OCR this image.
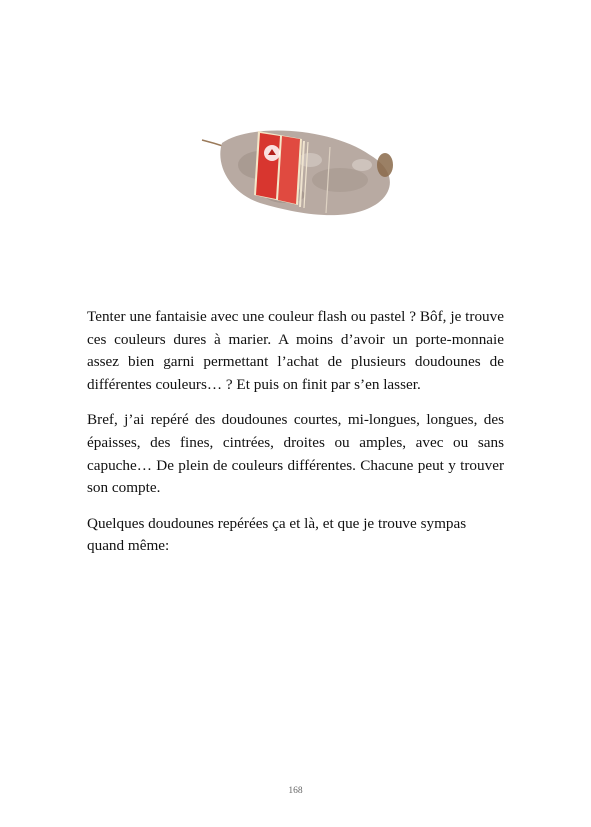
Tenter une fantaisie avec une couleur flash ou pastel ? Bôf, je trouve ces couleurs dures à marier. A moins d’avoir un porte-monnaie assez bien garni permettant l’achat de plusieurs doudounes de différentes couleurs… ? Et puis on finit par s’en lasser.

Bref, j’ai repéré des doudounes courtes, mi-longues, longues, des épaisses, des fines, cintrées, droites ou amples, avec ou sans capuche… De plein de couleurs différentes. Chacune peut y trouver son compte.

Quelques doudounes repérées ça et là, et que je trouve sympas quand même:

168
